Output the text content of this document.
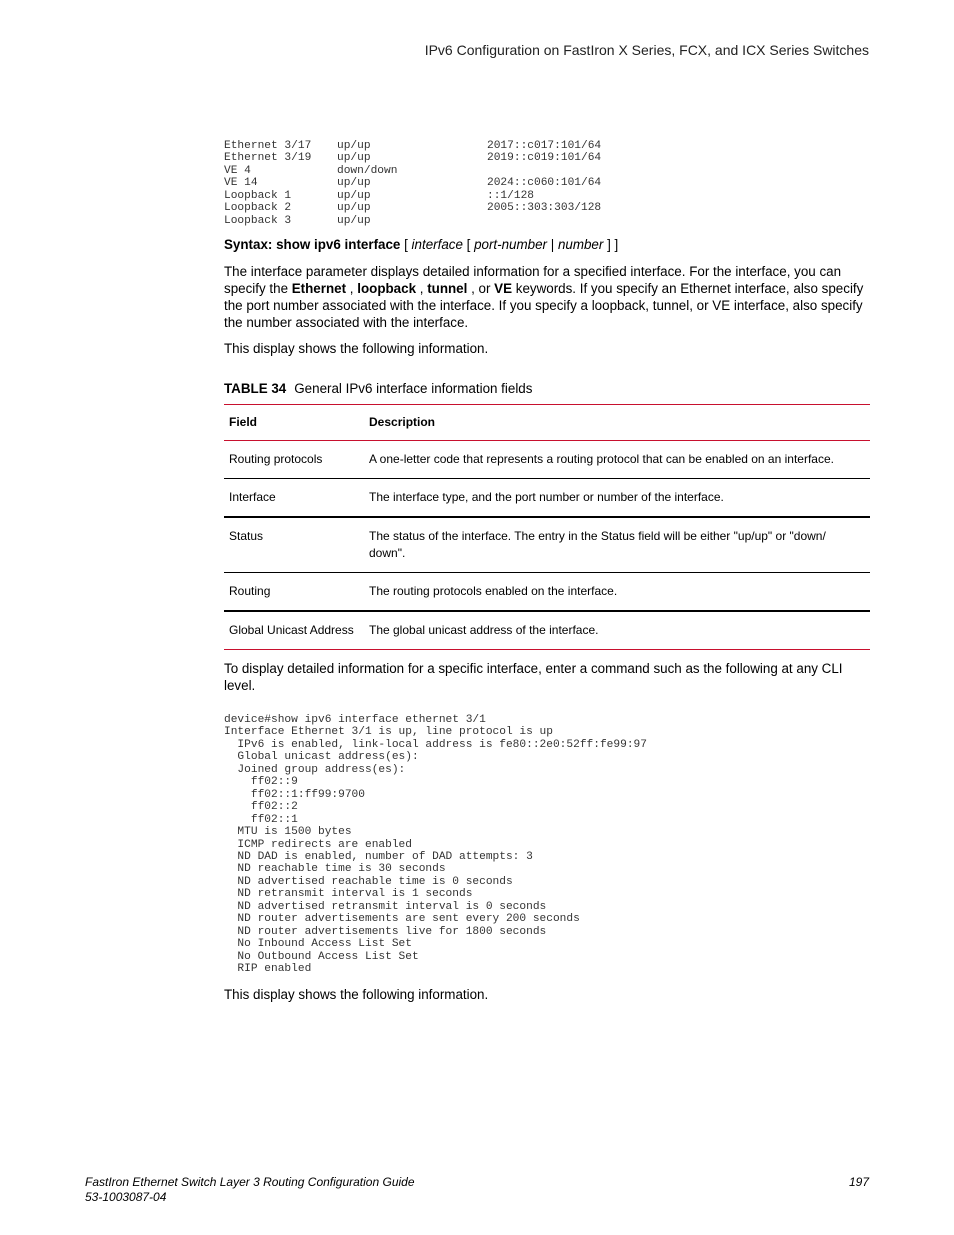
IPv6 Configuration on FastIron X Series, FCX, and ICX Series Switches
Ethernet 3/17 up/up	2017::c017:101/64
Ethernet 3/19 up/up	2019::c019:101/64
VE 4	down/down
VE 14	up/up	2024::c060:101/64
Loopback 1	up/up	::1/128
Loopback 2	up/up	2005::303:303/128
Loopback 3	up/up
Syntax: show ipv6 interface [ interface [ port-number | number ] ]
The interface parameter displays detailed information for a specified interface. For the interface, you can specify the Ethernet , loopback , tunnel , or VE keywords. If you specify an Ethernet interface, also specify the port number associated with the interface. If you specify a loopback, tunnel, or VE interface, also specify the number associated with the interface.
This display shows the following information.
TABLE 34 General IPv6 interface information fields
Field	Description
Routing protocols	A one-letter code that represents a routing protocol that can be enabled on an interface.
Interface	The interface type, and the port number or number of the interface.
Status	The status of the interface. The entry in the Status field will be either "up/up" or "down/ down".
Routing	The routing protocols enabled on the interface.
Global Unicast Address	The global unicast address of the interface.
To display detailed information for a specific interface, enter a command such as the following at any CLI level.
device#show ipv6 interface ethernet 3/1
Interface Ethernet 3/1 is up, line protocol is up
IPv6 is enabled, link-local address is fe80::2e0:52ff:fe99:97
Global unicast address(es):
Joined group address(es):
ff02::9
ff02::1:ff99:9700
ff02::2
ff02::1
MTU is 1500 bytes
ICMP redirects are enabled
ND DAD is enabled, number of DAD attempts: 3
ND reachable time is 30 seconds
ND advertised reachable time is 0 seconds
ND retransmit interval is 1 seconds
ND advertised retransmit interval is 0 seconds
ND router advertisements are sent every 200 seconds
ND router advertisements live for 1800 seconds
No Inbound Access List Set
No Outbound Access List Set
RIP enabled
This display shows the following information.
FastIron Ethernet Switch Layer 3 Routing Configuration Guide
53-1003087-04
197
